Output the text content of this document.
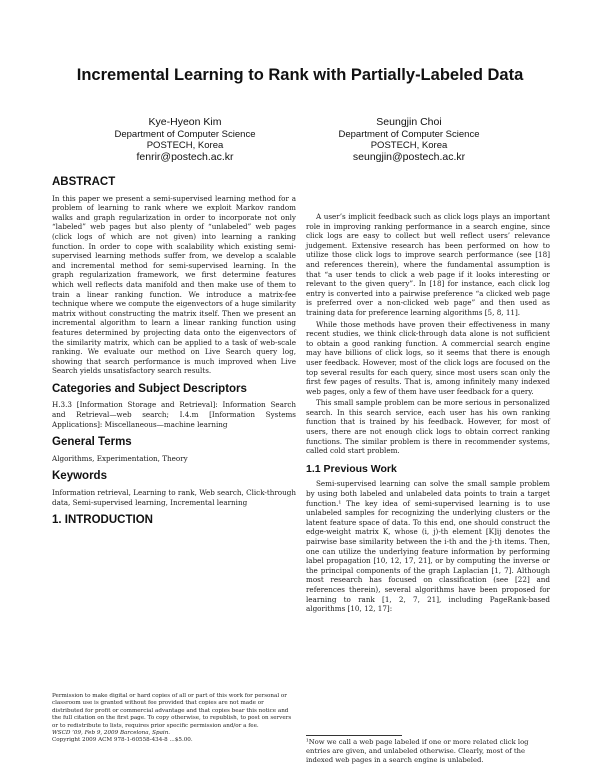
Incremental Learning to Rank with Partially-Labeled Data
Kye-Hyeon Kim
Department of Computer Science
POSTECH, Korea
fenrir@postech.ac.kr
Seungjin Choi
Department of Computer Science
POSTECH, Korea
seungjin@postech.ac.kr
ABSTRACT

In this paper we present a semi-supervised learning method for a problem of learning to rank where we exploit Markov random walks and graph regularization in order to incorporate not only “labeled” web pages but also plenty of “unlabeled” web pages (click logs of which are not given) into learning a ranking function. In order to cope with scalability which existing semi-supervised learning methods suffer from, we develop a scalable and incremental method for semi-supervised learning. In the graph regularization framework, we first determine features which well reflects data manifold and then make use of them to train a linear ranking function. We introduce a matrix-fee technique where we compute the eigenvectors of a huge similarity matrix without constructing the matrix itself. Then we present an incremental algorithm to learn a linear ranking function using features determined by projecting data onto the eigenvectors of the similarity matrix, which can be applied to a task of web-scale ranking. We evaluate our method on Live Search query log, showing that search performance is much improved when Live Search yields unsatisfactory search results.

Categories and Subject Descriptors

H.3.3 [Information Storage and Retrieval]: Information Search and Retrieval—web search; I.4.m [Information Systems Applications]: Miscellaneous—machine learning

General Terms

Algorithms, Experimentation, Theory

Keywords

Information retrieval, Learning to rank, Web search, Click-through data, Semi-supervised learning, Incremental learning

1. INTRODUCTION
Permission to make digital or hard copies of all or part of this work for personal or classroom use is granted without fee provided that copies are not made or distributed for profit or commercial advantage and that copies bear this notice and the full citation on the first page. To copy otherwise, to republish, to post on servers or to redistribute to lists, requires prior specific permission and/or a fee.
WSCD ’09, Feb 9, 2009 Barcelona, Spain.
Copyright 2009 ACM 978-1-60558-434-8 ...$5.00.

A user’s implicit feedback such as click logs plays an important role in improving ranking performance in a search engine, since click logs are easy to collect but well reflect users’ relevance judgement. Extensive research has been performed on how to utilize those click logs to improve search performance (see [18] and references therein), where the fundamental assumption is that “a user tends to click a web page if it looks interesting or relevant to the given query”. In [18] for instance, each click log entry is converted into a pairwise preference “a clicked web page is preferred over a non-clicked web page” and then used as training data for preference learning algorithms [5, 8, 11].

While those methods have proven their effectiveness in many recent studies, we think click-through data alone is not sufficient to obtain a good ranking function. A commercial search engine may have billions of click logs, so it seems that there is enough user feedback. However, most of the click logs are focused on the top several results for each query, since most users scan only the first few pages of results. That is, among infinitely many indexed web pages, only a few of them have user feedback for a query.

This small sample problem can be more serious in personalized search. In this search service, each user has his own ranking function that is trained by his feedback. However, for most of users, there are not enough click logs to obtain correct ranking functions. The similar problem is there in recommender systems, called cold start problem.

1.1 Previous Work

Semi-supervised learning can solve the small sample problem by using both labeled and unlabeled data points to train a target function.¹ The key idea of semi-supervised learning is to use unlabeled samples for recognizing the underlying clusters or the latent feature space of data. To this end, one should construct the edge-weight matrix K, whose (i, j)-th element [K]ij denotes the pairwise base similarity between the i-th and the j-th items. Then, one can utilize the underlying feature information by performing label propagation [10, 12, 17, 21], or by computing the inverse or the principal components of the graph Laplacian [1, 7]. Although most research has focused on classification (see [22] and references therein), several algorithms have been proposed for learning to rank [1, 2, 7, 21], including PageRank-based algorithms [10, 12, 17]:

¹Now we call a web page labeled if one or more related click log entries are given, and unlabeled otherwise. Clearly, most of the indexed web pages in a search engine is unlabeled.
